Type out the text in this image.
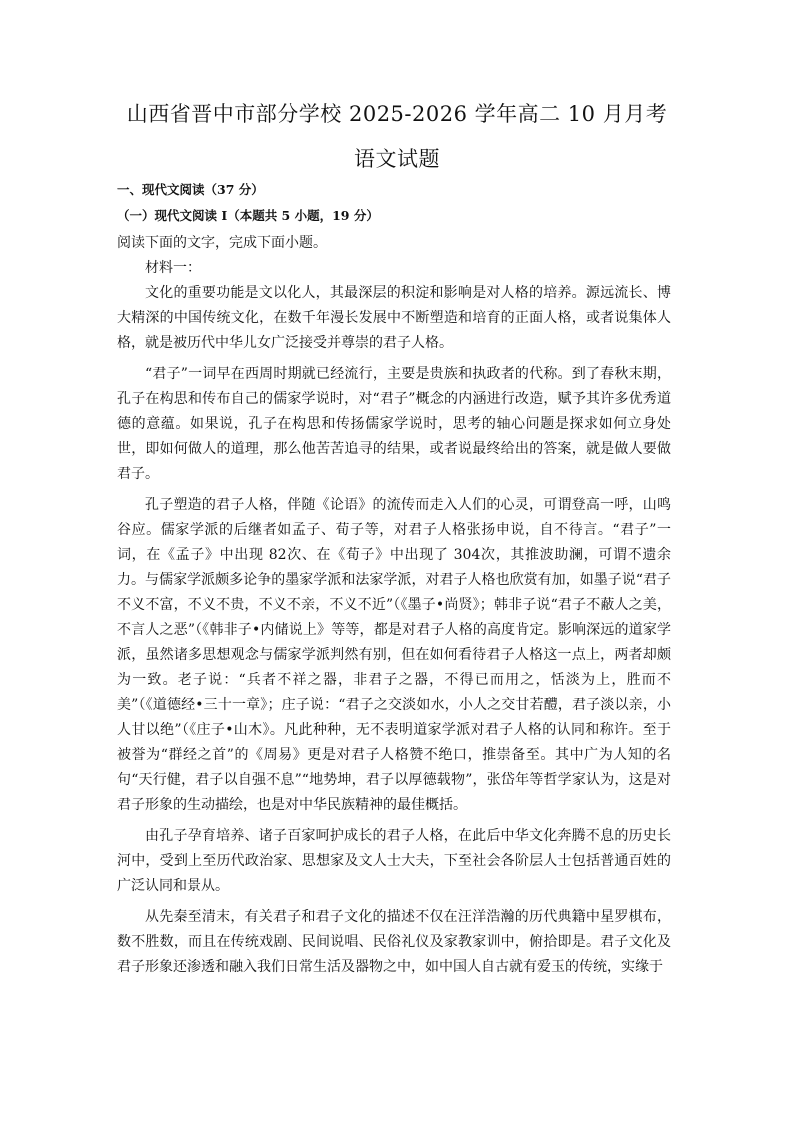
山西省晋中市部分学校 2025-2026 学年高二 10 月月考
语文试题
一、现代文阅读（37 分）
（一）现代文阅读 I（本题共 5 小题，19 分）
阅读下面的文字，完成下面小题。
材料一：

文化的重要功能是文以化人，其最深层的积淀和影响是对人格的培养。源远流长、博大精深的中国传统文化，在数千年漫长发展中不断塑造和培育的正面人格，或者说集体人格，就是被历代中华儿女广泛接受并尊崇的君子人格。

“君子”一词早在西周时期就已经流行，主要是贵族和执政者的代称。到了春秋末期，孔子在构思和传布自己的儒家学说时，对“君子”概念的内涵进行改造，赋予其许多优秀道德的意蕴。如果说，孔子在构思和传扬儒家学说时，思考的轴心问题是探求如何立身处世，即如何做人的道理，那么他苦苦追寻的结果，或者说最终给出的答案，就是做人要做君子。

孔子塑造的君子人格，伴随《论语》的流传而走入人们的心灵，可谓登高一呼，山鸣谷应。儒家学派的后继者如孟子、荀子等，对君子人格张扬申说，自不待言。“君子”一词，在《孟子》中出现 82次、在《荀子》中出现了 304次，其推波助澜，可谓不遗余力。与儒家学派颇多论争的墨家学派和法家学派，对君子人格也欣赏有加，如墨子说“君子不义不富，不义不贵，不义不亲，不义不近”（《墨子•尚贤》；韩非子说“君子不蔽人之美，不言人之恶”（《韩非子•内储说上》等等，都是对君子人格的高度肯定。影响深远的道家学派，虽然诸多思想观念与儒家学派判然有别，但在如何看待君子人格这一点上，两者却颇为一致。老子说：“兵者不祥之器，非君子之器，不得已而用之，恬淡为上，胜而不美”（《道德经•三十一章》；庄子说：“君子之交淡如水，小人之交甘若醴，君子淡以亲，小人甘以绝”（《庄子•山木》。凡此种种，无不表明道家学派对君子人格的认同和称许。至于被誉为“群经之首”的《周易》更是对君子人格赞不绝口，推崇备至。其中广为人知的名句“天行健，君子以自强不息”“地势坤，君子以厚德载物”，张岱年等哲学家认为，这是对君子形象的生动描绘，也是对中华民族精神的最佳概括。

由孔子孕育培养、诸子百家呵护成长的君子人格，在此后中华文化奔腾不息的历史长河中，受到上至历代政治家、思想家及文人士大夫，下至社会各阶层人士包括普通百姓的广泛认同和景从。

从先秦至清末，有关君子和君子文化的描述不仅在汪洋浩瀚的历代典籍中星罗棋布，数不胜数，而且在传统戏剧、民间说唱、民俗礼仪及家教家训中，俯拾即是。君子文化及君子形象还渗透和融入我们日常生活及器物之中，如中国人自古就有爱玉的传统，实缘于
